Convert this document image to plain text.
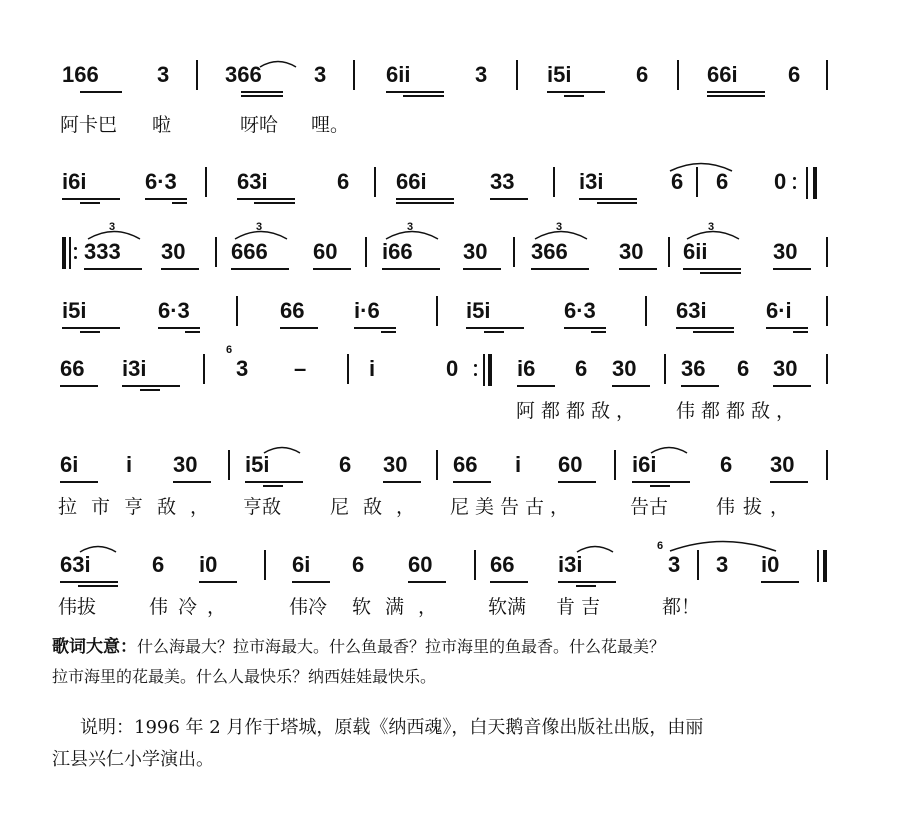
166	3	366 3	6ii	3	i5i	6	66i 6
阿卡巴 啦	呀哈 哩。
i6i	6·3	63i	6 66i	33	i3i	6 6 0
333 30 666 60 i66 30 366 30 6ii	30
3	3	3	3	3
i5i	6·3	66 i·6	i5i	6·3	63i	6·i
66 i3i
6
3 –	i	0	i6 6 30 36 6 30
阿都都敌， 伟都都敌，
6i i 30 i5i	6 30 66 i 60 i6i	6 30
拉市 亨敌， 亨敌	尼敌， 尼美告古，	告古	伟拔，
63i	6 i0	6i 6 60	66 i3i
6
3 3 i0
伟拔	伟冷，	伟冷 软满， 软满 肯吉	都！
歌词大意：什么海最大？拉市海最大。什么鱼最香？拉市海里的鱼最香。什么花最美？
拉市海里的花最美。什么人最快乐？纳西娃娃最快乐。
说明：1996 年 2 月作于塔城，原载《纳西魂》，白天鹅音像出版社出版，由丽
江县兴仁小学演出。
